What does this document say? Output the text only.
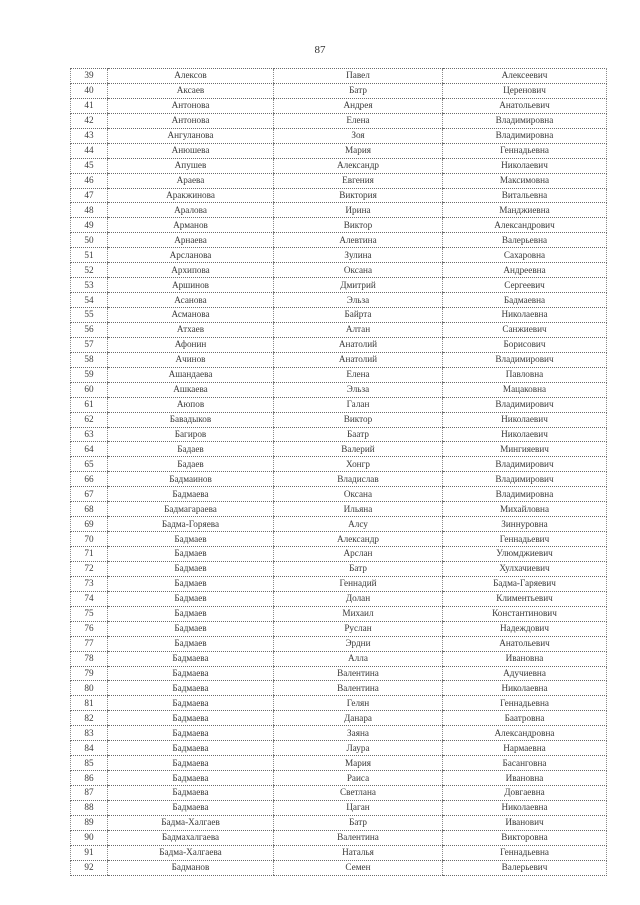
87
39	Алексов	Павел	Алексеевич
40	Аксаев	Батр	Церенович
41	Антонова	Андрея	Анатольевич
42	Антонова	Елена	Владимировна
43	Ангуланова	Зоя	Владимировна
44	Анюшева	Мария	Геннадьевна
45	Апушев	Александр	Николаевич
46	Араева	Евгения	Максимовна
47	Аракжинова	Виктория	Витальевна
48	Аралова	Ирина	Манджиевна
49	Арманов	Виктор	Александрович
50	Арнаева	Алевтина	Валерьевна
51	Арсланова	Зулина	Сахаровна
52	Архипова	Оксана	Андреевна
53	Аршинов	Дмитрий	Сергеевич
54	Асанова	Эльза	Бадмаевна
55	Асманова	Байрта	Николаевна
56	Атхаев	Алтан	Санжиевич
57	Афонин	Анатолий	Борисович
58	Ачинов	Анатолий	Владимирович
59	Ашандаева	Елена	Павловна
60	Ашкаева	Эльза	Мацаковна
61	Аюпов	Галан	Владимирович
62	Бавадыков	Виктор	Николаевич
63	Багиров	Баатр	Николаевич
64	Бадаев	Валерий	Мингияевич
65	Бадаев	Хонгр	Владимирович
66	Бадмаинов	Владислав	Владимирович
67	Бадмаева	Оксана	Владимировна
68	Бадмагараева	Ильяна	Михайловна
69	Бадма-Горяева	Алсу	Зиннуровна
70	Бадмаев	Александр	Геннадьевич
71	Бадмаев	Арслан	Улюмджиевич
72	Бадмаев	Батр	Хулхачиевич
73	Бадмаев	Геннадий	Бадма-Гаряевич
74	Бадмаев	Долан	Климентьевич
75	Бадмаев	Михаил	Константинович
76	Бадмаев	Руслан	Надеждович
77	Бадмаев	Эрдни	Анатольевич
78	Бадмаева	Алла	Ивановна
79	Бадмаева	Валентина	Адучиевна
80	Бадмаева	Валентина	Николаевна
81	Бадмаева	Гелян	Геннадьевна
82	Бадмаева	Данара	Баатровна
83	Бадмаева	Заяна	Александровна
84	Бадмаева	Лаура	Нармаевна
85	Бадмаева	Мария	Басанговна
86	Бадмаева	Раиса	Ивановна
87	Бадмаева	Светлана	Довгаевна
88	Бадмаева	Цаган	Николаевна
89	Бадма-Халгаев	Батр	Иванович
90	Бадмахалгаева	Валентина	Викторовна
91	Бадма-Халгаева	Наталья	Геннадьевна
92	Бадманов	Семен	Валерьевич
